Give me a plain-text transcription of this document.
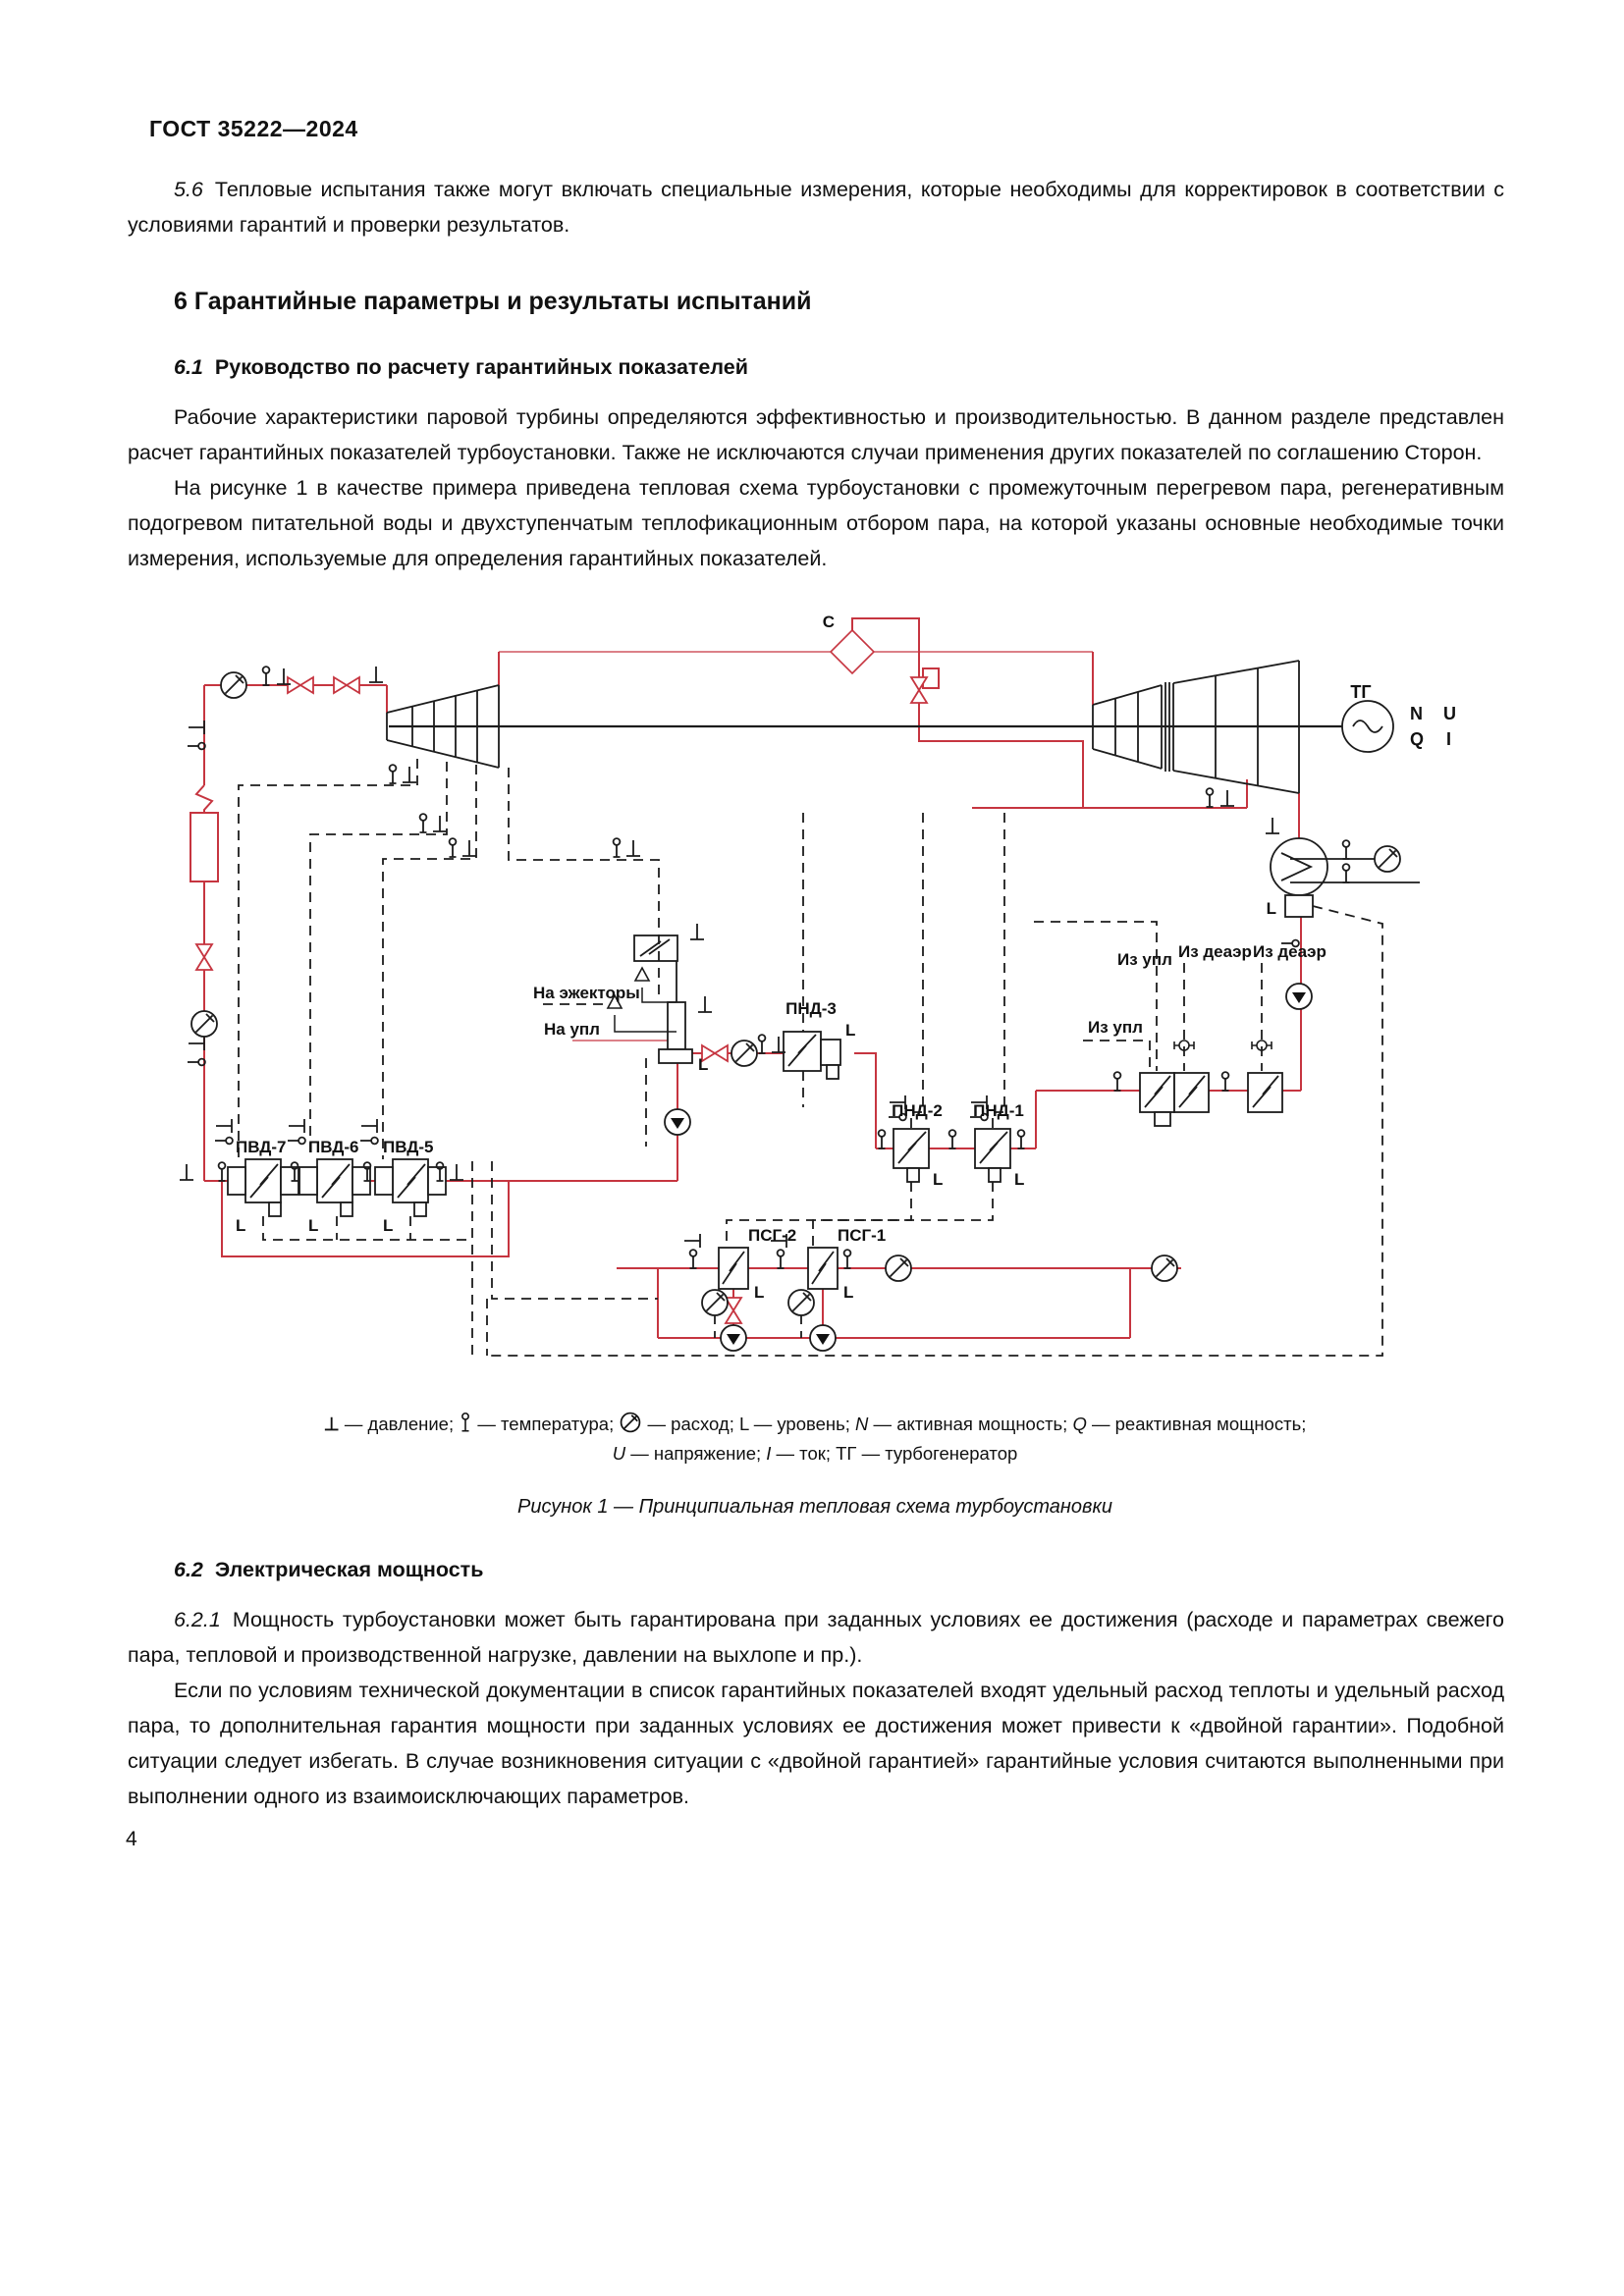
ГОСТ 35222—2024

5.6 Тепловые испытания также могут включать специальные измерения, которые необходимы для корректировок в соответствии с условиями гарантий и проверки результатов.

6 Гарантийные параметры и результаты испытаний
6.1 Руководство по расчету гарантийных показателей

Рабочие характеристики паровой турбины определяются эффективностью и производительностью. В данном разделе представлен расчет гарантийных показателей турбоустановки. Также не исключаются случаи применения других показателей по соглашению Сторон.

На рисунке 1 в качестве примера приведена тепловая схема турбоустановки с промежуточным перегревом пара, регенеративным подогревом питательной воды и двухступенчатым теплофикационным отбором пара, на которой указаны основные необходимые точки измерения, используемые для определения гарантийных показателей.

С
ТГ
N U
Q I
ПВД-7 ПВД-6 ПВД-5
ПНД-3
ПНД-2 ПНД-1
ПСГ-2 ПСГ-1
L	L	L
L
L
L	L
L
L	L
На эжекторы
На упл
Из упл
Из упл
Из деаэр Из деаэр
⊥ — давление;  — температура;  — расход; L — уровень; N — активная мощность; Q — реактивная мощность;
U — напряжение; I — ток; ТГ — турбогенератор
Рисунок 1 — Принципиальная тепловая схема турбоустановки
6.2 Электрическая мощность

6.2.1 Мощность турбоустановки может быть гарантирована при заданных условиях ее достижения (расходе и параметрах свежего пара, тепловой и производственной нагрузке, давлении на выхлопе и пр.).

Если по условиям технической документации в список гарантийных показателей входят удельный расход теплоты и удельный расход пара, то дополнительная гарантия мощности при заданных условиях ее достижения может привести к «двойной гарантии». Подобной ситуации следует избегать. В случае возникновения ситуации с «двойной гарантией» гарантийные условия считаются выполненными при выполнении одного из взаимоисключающих параметров.

4
